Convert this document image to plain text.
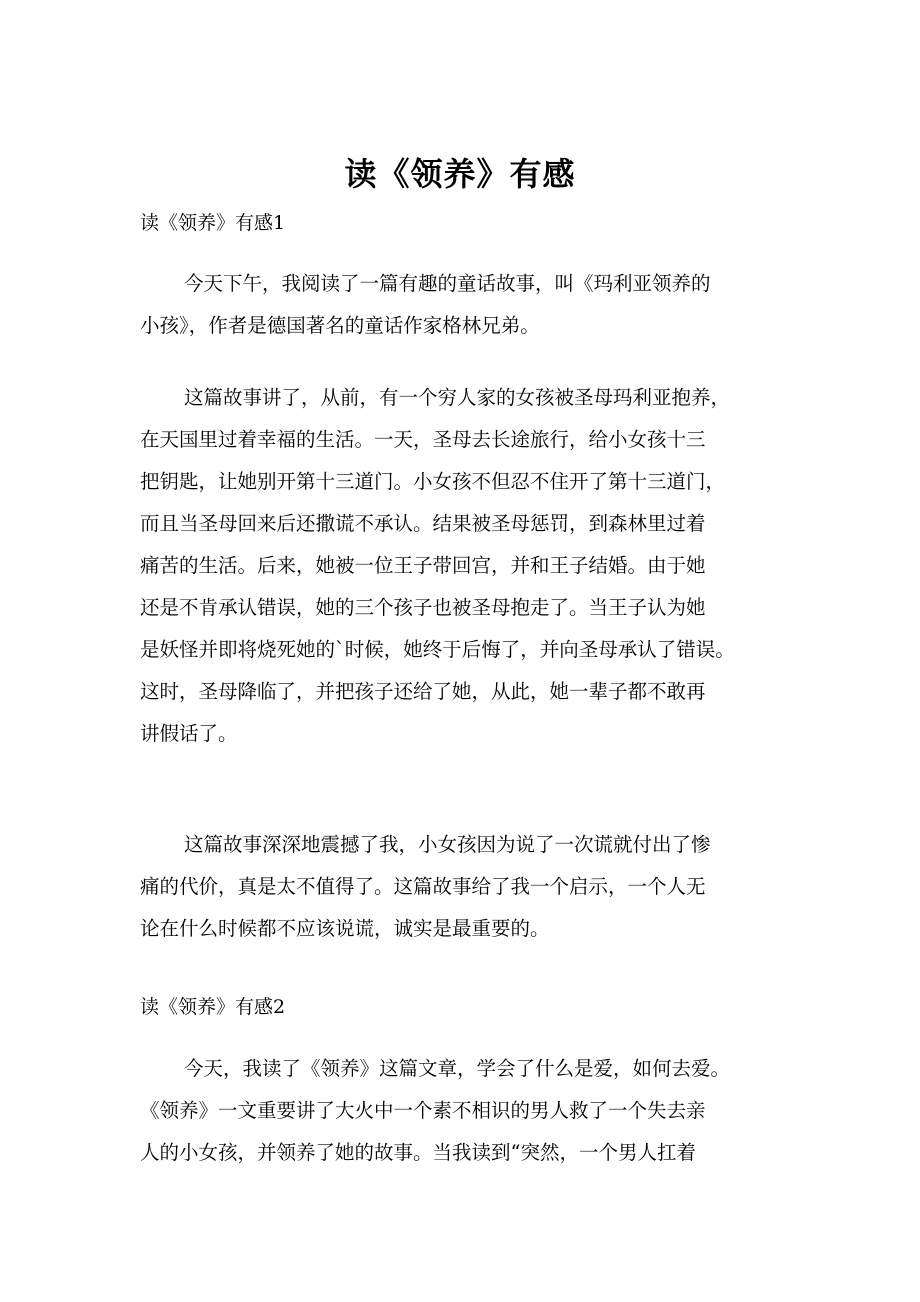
读《领养》有感
读《领养》有感1
今天下午，我阅读了一篇有趣的童话故事，叫《玛利亚领养的
小孩》，作者是德国著名的童话作家格林兄弟。
这篇故事讲了，从前，有一个穷人家的女孩被圣母玛利亚抱养，
在天国里过着幸福的生活。一天，圣母去长途旅行，给小女孩十三
把钥匙，让她别开第十三道门。小女孩不但忍不住开了第十三道门，
而且当圣母回来后还撒谎不承认。结果被圣母惩罚，到森林里过着
痛苦的生活。后来，她被一位王子带回宫，并和王子结婚。由于她
还是不肯承认错误，她的三个孩子也被圣母抱走了。当王子认为她
是妖怪并即将烧死她的`时候，她终于后悔了，并向圣母承认了错误。
这时，圣母降临了，并把孩子还给了她，从此，她一辈子都不敢再
讲假话了。
这篇故事深深地震撼了我，小女孩因为说了一次谎就付出了惨
痛的代价，真是太不值得了。这篇故事给了我一个启示，一个人无
论在什么时候都不应该说谎，诚实是最重要的。
读《领养》有感2
今天，我读了《领养》这篇文章，学会了什么是爱，如何去爱。
《领养》一文重要讲了大火中一个素不相识的男人救了一个失去亲
人的小女孩，并领养了她的故事。当我读到“突然，一个男人扛着
